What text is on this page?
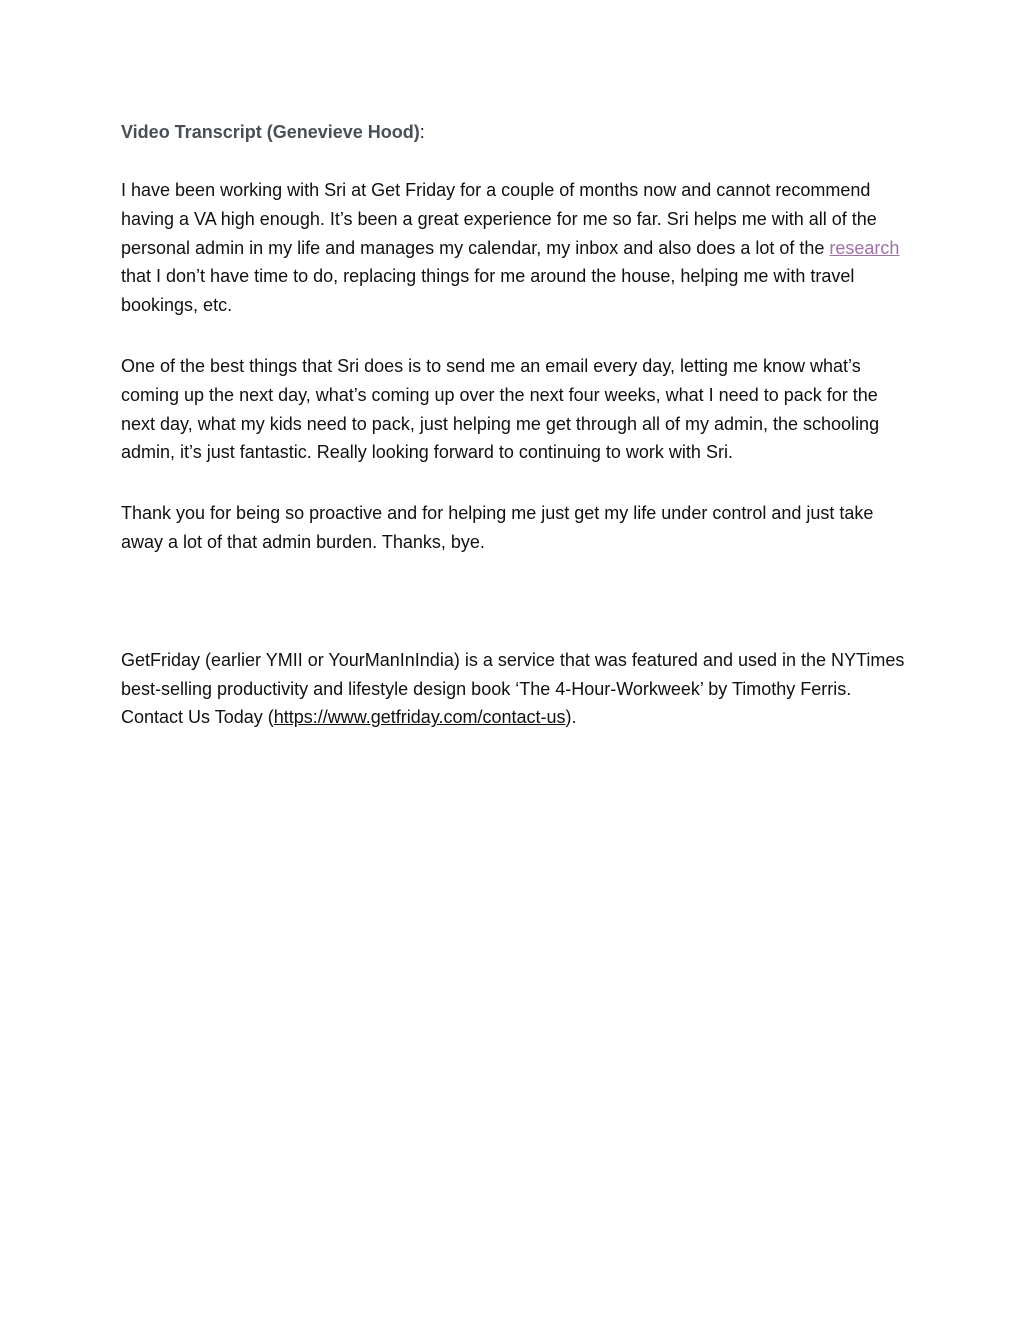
Video Transcript (Genevieve Hood):

I have been working with Sri at Get Friday for a couple of months now and cannot recommend having a VA high enough. It’s been a great experience for me so far. Sri helps me with all of the personal admin in my life and manages my calendar, my inbox and also does a lot of the research that I don’t have time to do, replacing things for me around the house, helping me with travel bookings, etc.

One of the best things that Sri does is to send me an email every day, letting me know what’s coming up the next day, what’s coming up over the next four weeks, what I need to pack for the next day, what my kids need to pack, just helping me get through all of my admin, the schooling admin, it’s just fantastic. Really looking forward to continuing to work with Sri.

Thank you for being so proactive and for helping me just get my life under control and just take away a lot of that admin burden. Thanks, bye.

GetFriday (earlier YMII or YourManInIndia) is a service that was featured and used in the NYTimes best-selling productivity and lifestyle design book ‘The 4-Hour-Workweek’ by Timothy Ferris. Contact Us Today (https://www.getfriday.com/contact-us).
